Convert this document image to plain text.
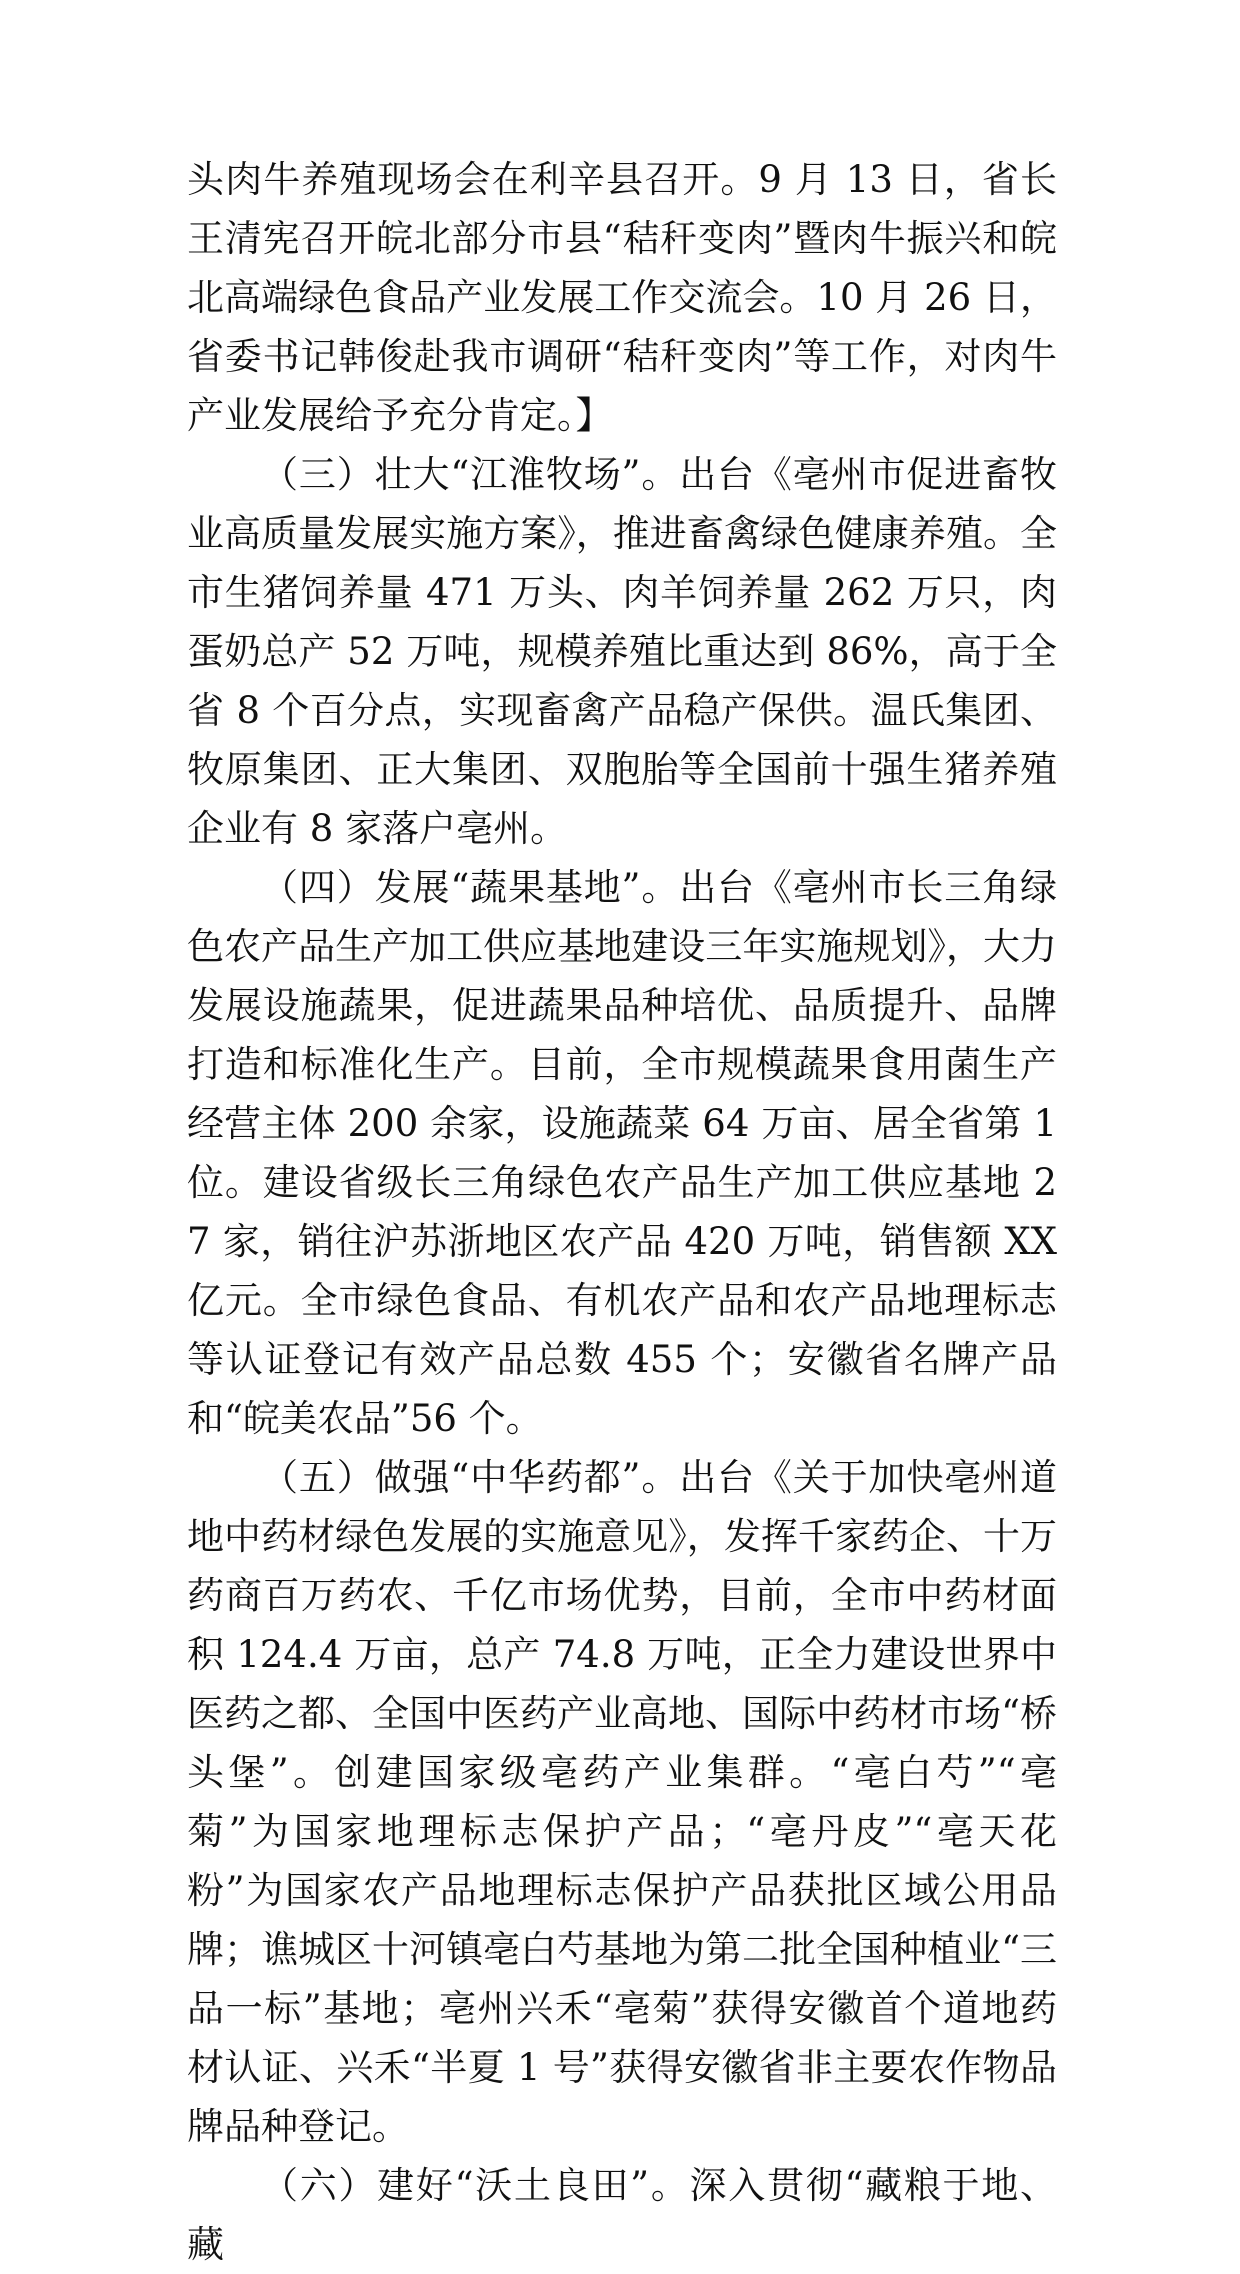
头肉牛养殖现场会在利辛县召开。9 月 13 日，省长王清宪召开皖北部分市县“秸秆变肉”暨肉牛振兴和皖北高端绿色食品产业发展工作交流会。10 月 26 日，省委书记韩俊赴我市调研“秸秆变肉”等工作，对肉牛产业发展给予充分肯定。】

（三）壮大“江淮牧场”。出台《亳州市促进畜牧业高质量发展实施方案》，推进畜禽绿色健康养殖。全市生猪饲养量 471 万头、肉羊饲养量 262 万只，肉蛋奶总产 52 万吨，规模养殖比重达到 86%，高于全省 8 个百分点，实现畜禽产品稳产保供。温氏集团、牧原集团、正大集团、双胞胎等全国前十强生猪养殖企业有 8 家落户亳州。

（四）发展“蔬果基地”。出台《亳州市长三角绿色农产品生产加工供应基地建设三年实施规划》，大力发展设施蔬果，促进蔬果品种培优、品质提升、品牌打造和标准化生产。目前，全市规模蔬果食用菌生产经营主体 200 余家，设施蔬菜 64 万亩、居全省第 1 位。建设省级长三角绿色农产品生产加工供应基地 27 家，销往沪苏浙地区农产品 420 万吨，销售额 XX 亿元。全市绿色食品、有机农产品和农产品地理标志等认证登记有效产品总数 455 个；安徽省名牌产品和“皖美农品”56 个。

（五）做强“中华药都”。出台《关于加快亳州道地中药材绿色发展的实施意见》，发挥千家药企、十万药商百万药农、千亿市场优势，目前，全市中药材面积 124.4 万亩，总产 74.8 万吨，正全力建设世界中医药之都、全国中医药产业高地、国际中药材市场“桥头堡”。创建国家级亳药产业集群。“亳白芍”“亳菊”为国家地理标志保护产品；“亳丹皮”“亳天花粉”为国家农产品地理标志保护产品获批区域公用品牌；谯城区十河镇亳白芍基地为第二批全国种植业“三品一标”基地；亳州兴禾“亳菊”获得安徽首个道地药材认证、兴禾“半夏 1 号”获得安徽省非主要农作物品牌品种登记。

（六）建好“沃土良田”。深入贯彻“藏粮于地、藏
